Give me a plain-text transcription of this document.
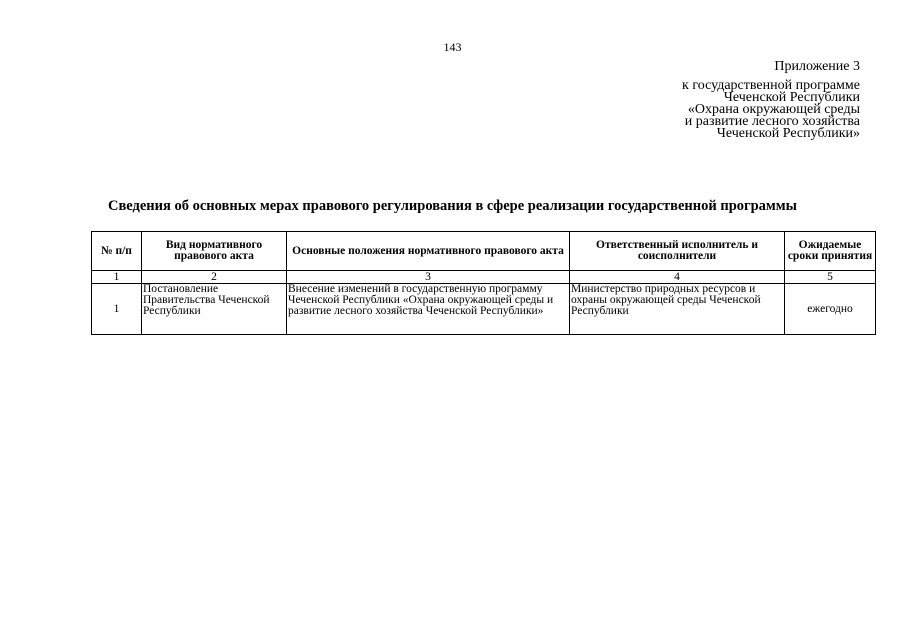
143
Приложение 3
к государственной программе
Чеченской Республики
«Охрана окружающей среды
и развитие лесного хозяйства
Чеченской Республики»
Сведения об основных мерах правового регулирования в сфере реализации государственной программы
№ п/п	Вид нормативного правового акта	Основные положения нормативного правового акта	Ответственный исполнитель и соисполнители	Ожидаемые сроки принятия
1	2	3	4	5
1	Постановление Правительства Чеченской Республики	Внесение изменений в государственную программу Чеченской Республики «Охрана окружающей среды и развитие лесного хозяйства Чеченской Республики»	Министерство природных ресурсов и охраны окружающей среды Чеченской Республики	ежегодно
